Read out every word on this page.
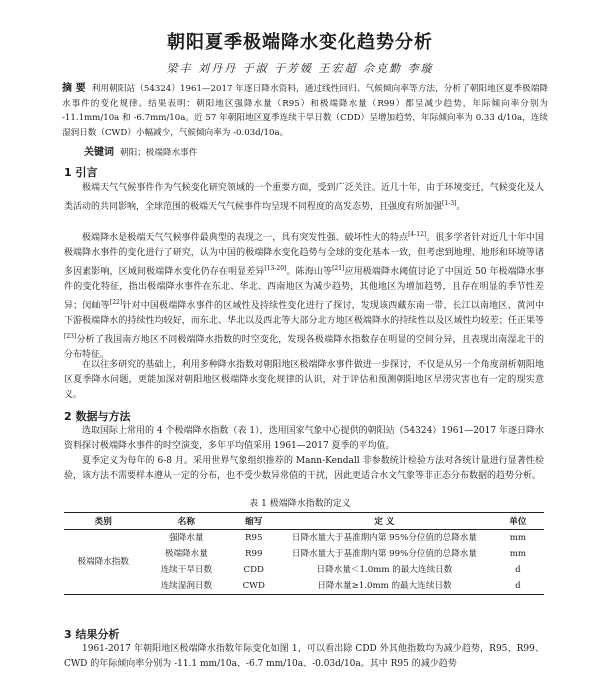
朝阳夏季极端降水变化趋势分析
梁丰 刘丹丹 于淑 于芳媛 王宏超 佘克勤 李璇
摘 要 利用朝阳站（54324）1961—2017 年逐日降水资料，通过线性回归、气候倾向率等方法，分析了朝阳地区夏季极端降水事件的变化规律。结果表明：朝阳地区强降水量（R95）和极端降水量（R99）都呈减少趋势，年际倾向率分别为 -11.1mm/10a 和 -6.7mm/10a。近 57 年朝阳地区夏季连续干旱日数（CDD）呈增加趋势，年际倾向率为 0.33 d/10a，连续湿润日数（CWD）小幅减少，气候倾向率为 -0.03d/10a。
关键词 朝阳；极端降水事件
1 引言
极端天气气候事件作为气候变化研究领域的一个重要方面，受到广泛关注。近几十年，由于环境变迁，气候变化及人类活动的共同影响，全球范围的极端天气气候事件均呈现不同程度的高发态势，且强度有所加强[1-3]。
极端降水是极端天气气候事件最典型的表现之一，具有突发性强、破坏性大的特点[4-12]。很多学者针对近几十年中国极端降水事件的变化进行了研究，认为中国的极端降水变化趋势与全球的变化基本一致，但考虑到地理、地形和环境等诸多因素影响，区域间极端降水变化仍存在明显差异[13-20]。陈海山等[21]应用极端降水阈值讨论了中国近 50 年极端降水事件的变化特征，指出极端降水事件在东北、华北、西南地区为减少趋势，其他地区为增加趋势，且存在明显的季节性差异；闵屾等[22]针对中国极端降水事件的区域性及持续性变化进行了探讨，发现该西藏东南一带、长江以南地区、黄河中下游极端降水的持续性均较好，而东北、华北以及西北等大部分北方地区极端降水的持续性以及区域性均较差；任正果等[23]分析了我国南方地区不同极端降水指数的时空变化，发现各极端降水指数存在明显的空间分异，且表现出南湿北干的分布特征。
在以往多研究的基础上，利用多种降水指数对朝阳地区极端降水事件做进一步探讨，不仅是从另一个角度剖析朝阳地区夏季降水问题，更能加深对朝阳地区极端降水变化规律的认识，对于评估和预测朝阳地区旱涝灾害也有一定的现实意义。
2 数据与方法
选取国际上常用的 4 个极端降水指数（表 1），选用国家气象中心提供的朝阳站（54324）1961—2017 年逐日降水资料探讨极端降水事件的时空演变，多年平均值采用 1961—2017 夏季的平均值。
夏季定义为每年的 6-8 月。采用世界气象组织推荐的 Mann-Kendall 非参数统计检验方法对各统计量进行显著性检验，该方法不需要样本遵从一定的分布，也不受少数异常值的干扰，因此更适合水文气象等非正态分布数据的趋势分析。
表 1 极端降水指数的定义
类别	名称	缩写	定 义	单位
极端降水指数	强降水量	R95	日降水量大于基准期内第 95%分位值的总降水量	mm
	极端降水量	R99	日降水量大于基准期内第 99%分位值的总降水量	mm
	连续干旱日数	CDD	日降水量＜1.0mm 的最大连续日数	d
	连续湿润日数	CWD	日降水量≥1.0mm 的最大连续日数	d
3 结果分析
1961-2017 年朝阳地区极端降水指数年际变化如图 1，可以看出除 CDD 外其他指数均为减少趋势，R95、R99、CWD 的年际倾向率分别为 -11.1 mm/10a、-6.7 mm/10a、-0.03d/10a。其中 R95 的减少趋势
